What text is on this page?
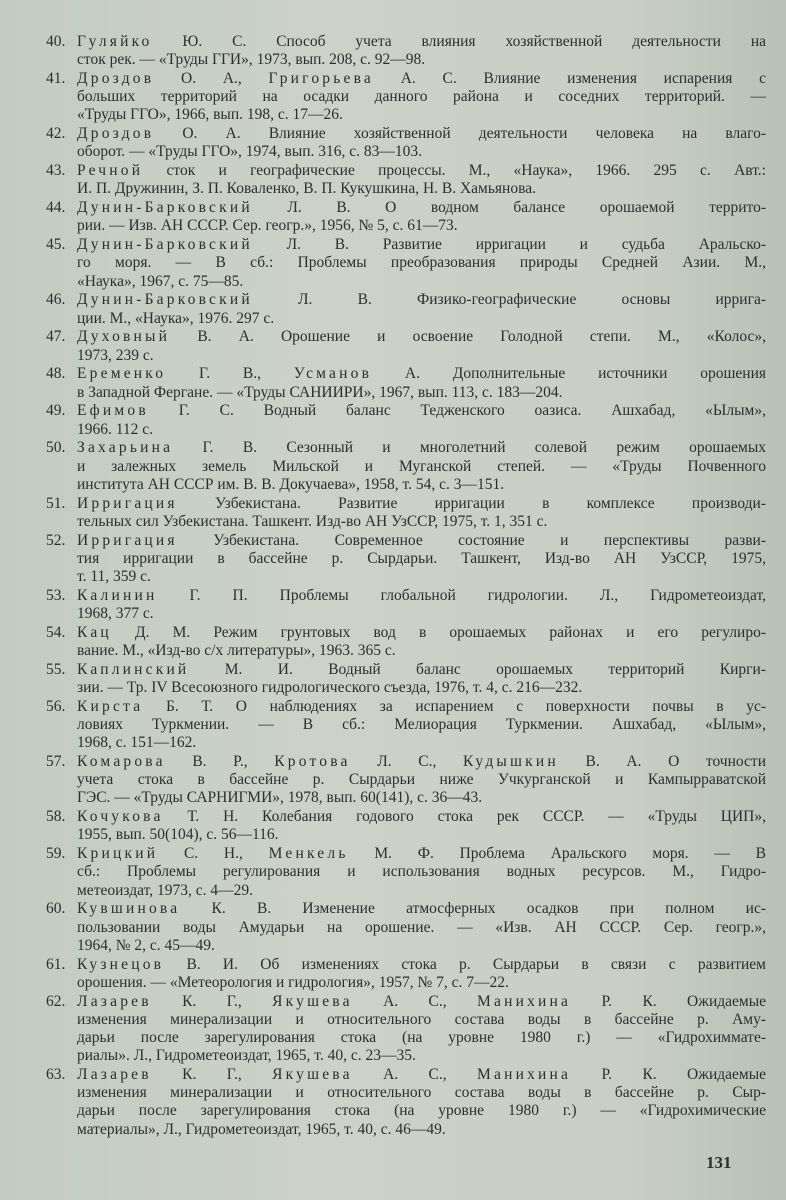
40. Гуляйко Ю. С. Способ учета влияния хозяйственной деятельности на
сток рек. — «Труды ГГИ», 1973, вып. 208, с. 92—98.
41. Дроздов О. А., Григорьева А. С. Влияние изменения испарения с
больших территорий на осадки данного района и соседних территорий. —
«Труды ГГО», 1966, вып. 198, с. 17—26.
42. Дроздов О. А. Влияние хозяйственной деятельности человека на влаго-
оборот. — «Труды ГГО», 1974, вып. 316, с. 83—103.
43. Речной сток и географические процессы. М., «Наука», 1966. 295 с. Авт.:
И. П. Дружинин, З. П. Коваленко, В. П. Кукушкина, Н. В. Хамьянова.
44. Дунин-Барковский Л. В. О водном балансе орошаемой террито-
рии. — Изв. АН СССР. Сер. геогр.», 1956, № 5, с. 61—73.
45. Дунин-Барковский Л. В. Развитие ирригации и судьба Аральско-
го моря. — В сб.: Проблемы преобразования природы Средней Азии. М.,
«Наука», 1967, с. 75—85.
46. Дунин-Барковский Л. В. Физико-географические основы ирригa-
ции. М., «Наука», 1976. 297 с.
47. Духовный В. А. Орошение и освоение Голодной степи. М., «Колос»,
1973, 239 с.
48. Еременко Г. В., Усманов А. Дополнительные источники орошения
в Западной Фергане. — «Труды САНИИРИ», 1967, вып. 113, с. 183—204.
49. Ефимов Г. С. Водный баланс Тедженского оазиса. Ашхабад, «Ылым»,
1966. 112 с.
50. Захарьина Г. В. Сезонный и многолетний солевой режим орошаемых
и залежных земель Мильской и Муганской степей. — «Труды Почвенного
института АН СССР им. В. В. Докучаева», 1958, т. 54, с. 3—151.
51. Ирригация Узбекистана. Развитие ирригации в комплексе производи-
тельных сил Узбекистана. Ташкент. Изд-во АН УзССР, 1975, т. 1, 351 с.
52. Ирригация Узбекистана. Современное состояние и перспективы разви-
тия ирригации в бассейне р. Сырдарьи. Ташкент, Изд-во АН УзССР, 1975,
т. 11, 359 с.
53. Калинин Г. П. Проблемы глобальной гидрологии. Л., Гидрометеоиздат,
1968, 377 с.
54. Кац Д. М. Режим грунтовых вод в орошаемых районах и его регулиро-
вание. М., «Изд-во с/х литературы», 1963. 365 с.
55. Каплинский М. И. Водный баланс орошаемых территорий Кирги-
зии. — Тр. IV Всесоюзного гидрологического съезда, 1976, т. 4, с. 216—232.
56. Кирста Б. Т. О наблюдениях за испарением с поверхности почвы в ус-
ловиях Туркмении. — В сб.: Мелиорация Туркмении. Ашхабад, «Ылым»,
1968, с. 151—162.
57. Комарова В. Р., Кротова Л. С., Кудышкин В. А. О точности
учета стока в бассейне р. Сырдарьи ниже Учкурганской и Кампырраватской
ГЭС. — «Труды САРНИГМИ», 1978, вып. 60(141), с. 36—43.
58. Кочукова Т. Н. Колебания годового стока рек СССР. — «Труды ЦИП»,
1955, вып. 50(104), с. 56—116.
59. Крицкий С. Н., Менкель М. Ф. Проблема Аральского моря. — В
сб.: Проблемы регулирования и использования водных ресурсов. М., Гидро-
метеоиздат, 1973, с. 4—29.
60. Кувшинова К. В. Изменение атмосферных осадков при полном ис-
пользовании воды Амударьи на орошение. — «Изв. АН СССР. Сер. геогр.»,
1964, № 2, с. 45—49.
61. Кузнецов В. И. Об изменениях стока р. Сырдарьи в связи с развитием
орошения. — «Метеорология и гидрология», 1957, № 7, с. 7—22.
62. Лазарев К. Г., Якушева А. С., Манихина Р. К. Ожидаемые
изменения минерализации и относительного состава воды в бассейне р. Аму-
дарьи после зарегулирования стока (на уровне 1980 г.) — «Гидрохиммате-
риалы». Л., Гидрометеоиздат, 1965, т. 40, с. 23—35.
63. Лазарев К. Г., Якушева А. С., Манихина Р. К. Ожидаемые
изменения минерализации и относительного состава воды в бассейне р. Сыр-
дарьи после зарегулирования стока (на уровне 1980 г.) — «Гидрохимические
материалы», Л., Гидрометеоиздат, 1965, т. 40, с. 46—49.
131
